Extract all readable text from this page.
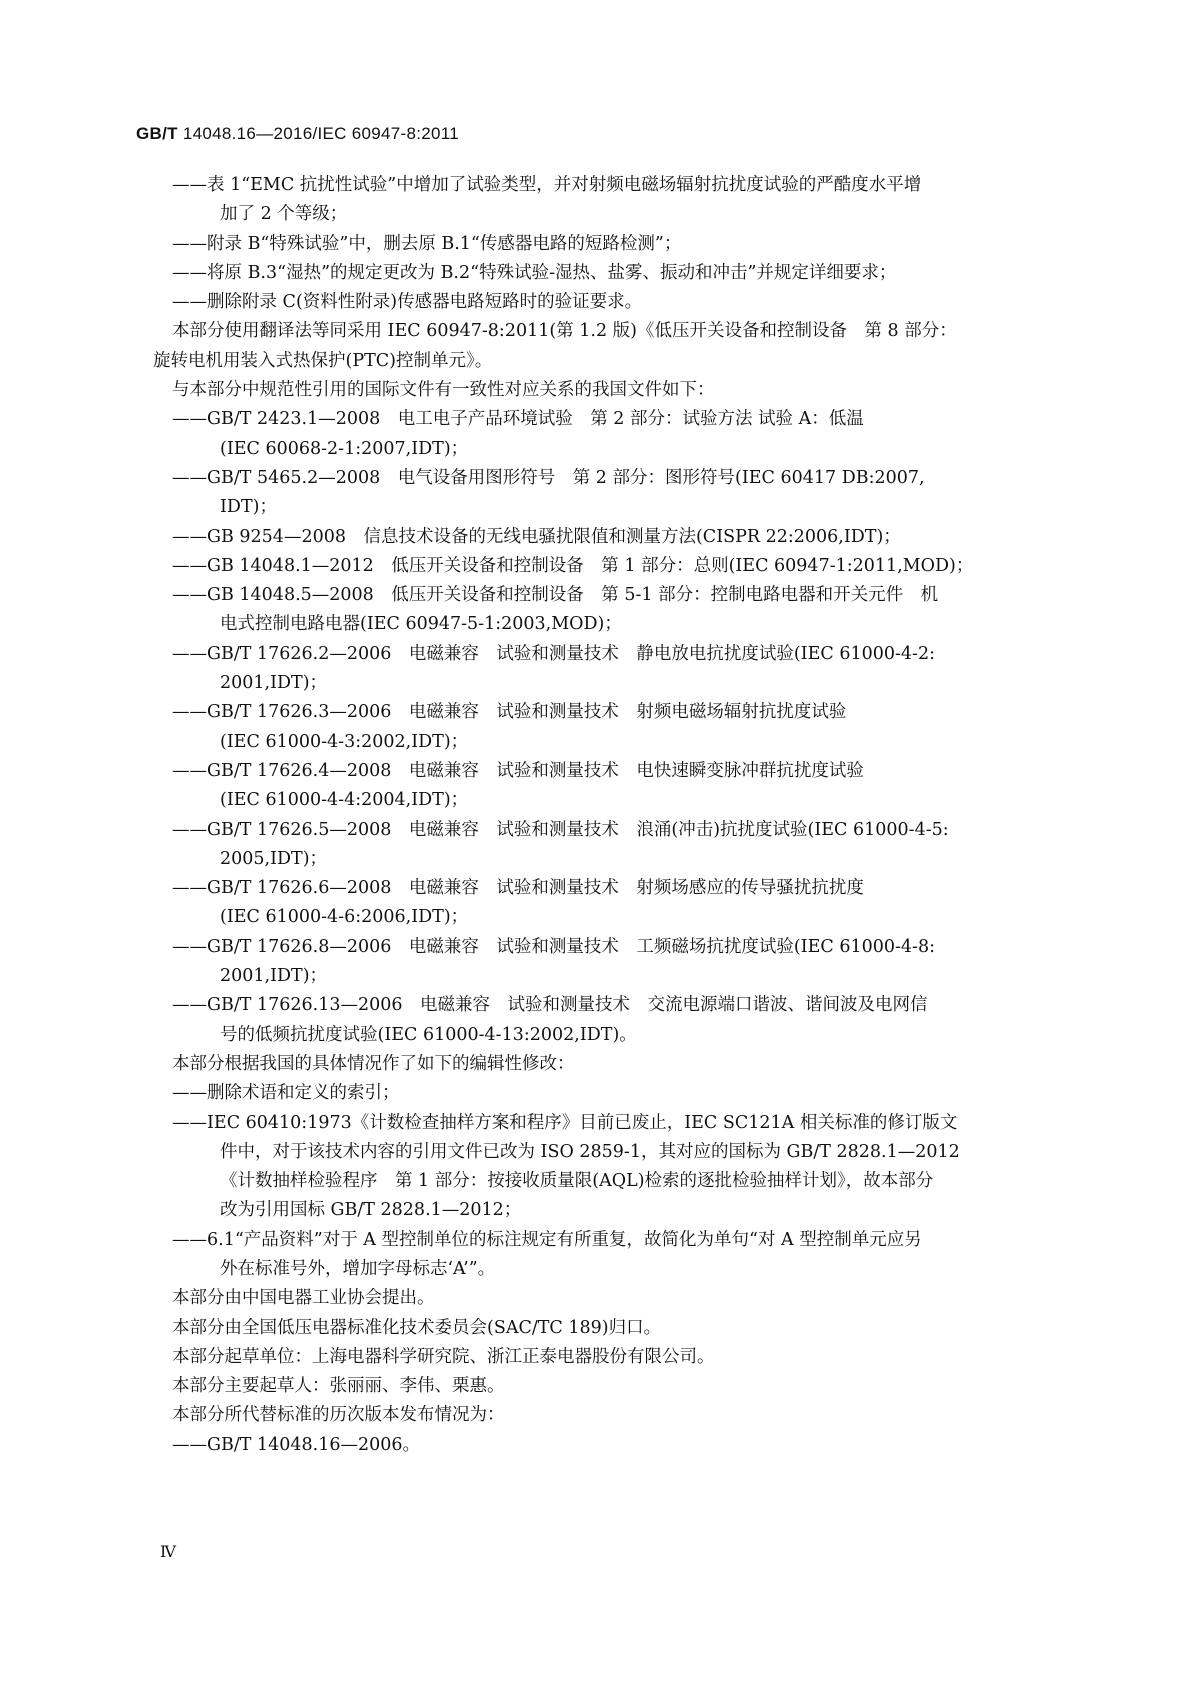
GB/T 14048.16—2016/IEC 60947-8:2011
——表 1“EMC 抗扰性试验”中增加了试验类型，并对射频电磁场辐射抗扰度试验的严酷度水平增
加了 2 个等级；
——附录 B“特殊试验”中，删去原 B.1“传感器电路的短路检测”；
——将原 B.3“湿热”的规定更改为 B.2“特殊试验-湿热、盐雾、振动和冲击”并规定详细要求；
——删除附录 C(资料性附录)传感器电路短路时的验证要求。
本部分使用翻译法等同采用 IEC 60947-8:2011(第 1.2 版)《低压开关设备和控制设备　第 8 部分：
旋转电机用装入式热保护(PTC)控制单元》。
与本部分中规范性引用的国际文件有一致性对应关系的我国文件如下：
——GB/T 2423.1—2008　电工电子产品环境试验　第 2 部分：试验方法 试验 A：低温
(IEC 60068-2-1:2007,IDT)；
——GB/T 5465.2—2008　电气设备用图形符号　第 2 部分：图形符号(IEC 60417 DB:2007,
IDT)；
——GB 9254—2008　信息技术设备的无线电骚扰限值和测量方法(CISPR 22:2006,IDT)；
——GB 14048.1—2012　低压开关设备和控制设备　第 1 部分：总则(IEC 60947-1:2011,MOD)；
——GB 14048.5—2008　低压开关设备和控制设备　第 5-1 部分：控制电路电器和开关元件　机
电式控制电路电器(IEC 60947-5-1:2003,MOD)；
——GB/T 17626.2—2006　电磁兼容　试验和测量技术　静电放电抗扰度试验(IEC 61000-4-2:
2001,IDT)；
——GB/T 17626.3—2006　电磁兼容　试验和测量技术　射频电磁场辐射抗扰度试验
(IEC 61000-4-3:2002,IDT)；
——GB/T 17626.4—2008　电磁兼容　试验和测量技术　电快速瞬变脉冲群抗扰度试验
(IEC 61000-4-4:2004,IDT)；
——GB/T 17626.5—2008　电磁兼容　试验和测量技术　浪涌(冲击)抗扰度试验(IEC 61000-4-5:
2005,IDT)；
——GB/T 17626.6—2008　电磁兼容　试验和测量技术　射频场感应的传导骚扰抗扰度
(IEC 61000-4-6:2006,IDT)；
——GB/T 17626.8—2006　电磁兼容　试验和测量技术　工频磁场抗扰度试验(IEC 61000-4-8:
2001,IDT)；
——GB/T 17626.13—2006　电磁兼容　试验和测量技术　交流电源端口谐波、谐间波及电网信
号的低频抗扰度试验(IEC 61000-4-13:2002,IDT)。
本部分根据我国的具体情况作了如下的编辑性修改：
——删除术语和定义的索引；
——IEC 60410:1973《计数检查抽样方案和程序》目前已废止，IEC SC121A 相关标准的修订版文
件中，对于该技术内容的引用文件已改为 ISO 2859-1，其对应的国标为 GB/T 2828.1—2012
《计数抽样检验程序　第 1 部分：按接收质量限(AQL)检索的逐批检验抽样计划》，故本部分
改为引用国标 GB/T 2828.1—2012；
——6.1“产品资料”对于 A 型控制单位的标注规定有所重复，故简化为单句“对 A 型控制单元应另
外在标准号外，增加字母标志‘A’”。
本部分由中国电器工业协会提出。
本部分由全国低压电器标准化技术委员会(SAC/TC 189)归口。
本部分起草单位：上海电器科学研究院、浙江正泰电器股份有限公司。
本部分主要起草人：张丽丽、李伟、栗惠。
本部分所代替标准的历次版本发布情况为：
——GB/T 14048.16—2006。
Ⅳ
